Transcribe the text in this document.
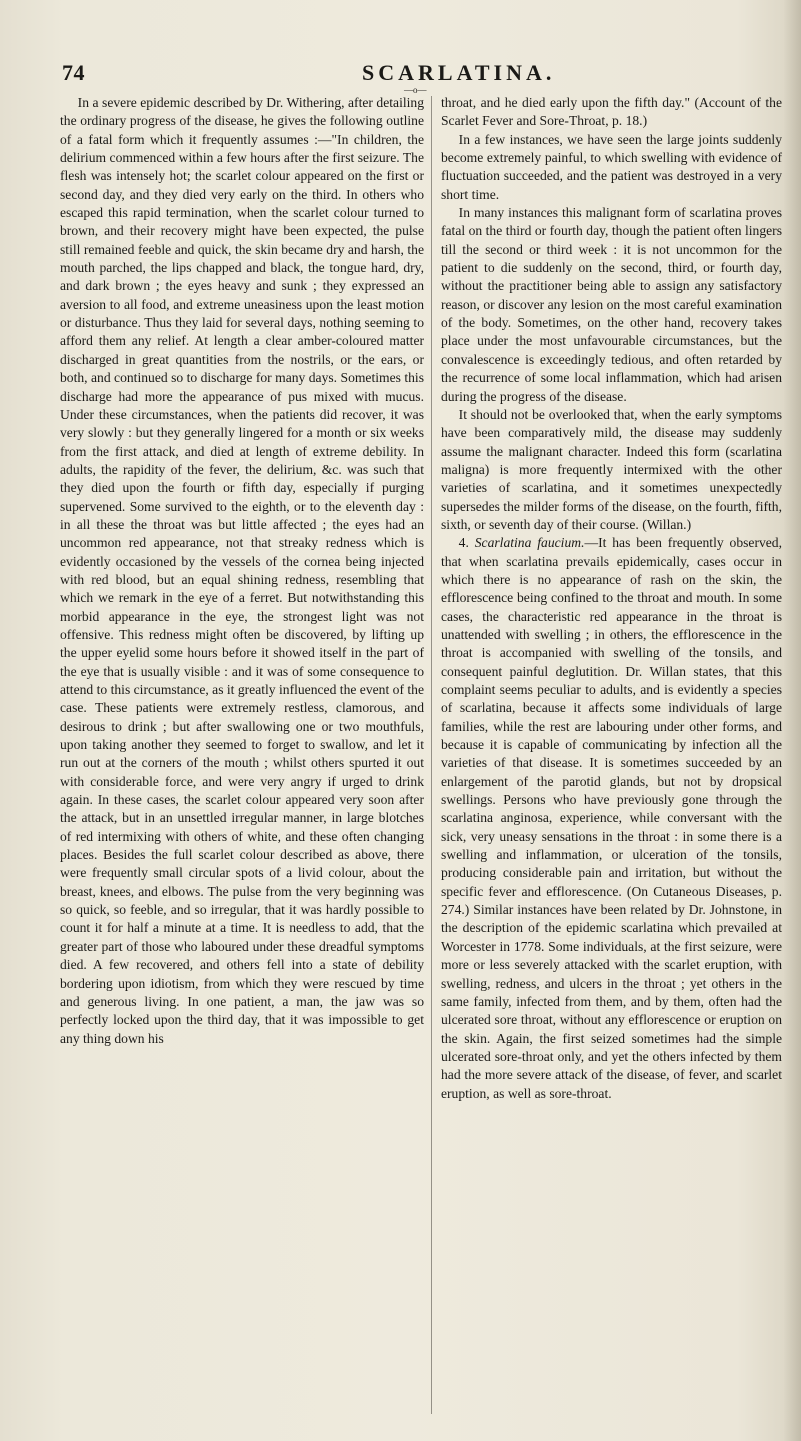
74	SCARLATINA.
—o—

In a severe epidemic described by Dr. Withering, after detailing the ordinary progress of the disease, he gives the following outline of a fatal form which it frequently assumes :—"In children, the delirium commenced within a few hours after the first seizure. The flesh was intensely hot; the scarlet colour appeared on the first or second day, and they died very early on the third. In others who escaped this rapid termination, when the scarlet colour turned to brown, and their recovery might have been expected, the pulse still remained feeble and quick, the skin became dry and harsh, the mouth parched, the lips chapped and black, the tongue hard, dry, and dark brown ; the eyes heavy and sunk ; they expressed an aversion to all food, and extreme uneasiness upon the least motion or disturbance. Thus they laid for several days, nothing seeming to afford them any relief. At length a clear amber-coloured matter discharged in great quantities from the nostrils, or the ears, or both, and continued so to discharge for many days. Sometimes this discharge had more the appearance of pus mixed with mucus. Under these circumstances, when the patients did recover, it was very slowly : but they generally lingered for a month or six weeks from the first attack, and died at length of extreme debility. In adults, the rapidity of the fever, the delirium, &c. was such that they died upon the fourth or fifth day, especially if purging supervened. Some survived to the eighth, or to the eleventh day : in all these the throat was but little affected ; the eyes had an uncommon red appearance, not that streaky redness which is evidently occasioned by the vessels of the cornea being injected with red blood, but an equal shining redness, resembling that which we remark in the eye of a ferret. But notwithstanding this morbid appearance in the eye, the strongest light was not offensive. This redness might often be discovered, by lifting up the upper eyelid some hours before it showed itself in the part of the eye that is usually visible : and it was of some consequence to attend to this circumstance, as it greatly influenced the event of the case. These patients were extremely restless, clamorous, and desirous to drink ; but after swallowing one or two mouthfuls, upon taking another they seemed to forget to swallow, and let it run out at the corners of the mouth ; whilst others spurted it out with considerable force, and were very angry if urged to drink again. In these cases, the scarlet colour appeared very soon after the attack, but in an unsettled irregular manner, in large blotches of red intermixing with others of white, and these often changing places. Besides the full scarlet colour described as above, there were frequently small circular spots of a livid colour, about the breast, knees, and elbows. The pulse from the very beginning was so quick, so feeble, and so irregular, that it was hardly possible to count it for half a minute at a time. It is needless to add, that the greater part of those who laboured under these dreadful symptoms died. A few recovered, and others fell into a state of debility bordering upon idiotism, from which they were rescued by time and generous living. In one patient, a man, the jaw was so perfectly locked upon the third day, that it was impossible to get any thing down his

throat, and he died early upon the fifth day." (Account of the Scarlet Fever and Sore-Throat, p. 18.)

In a few instances, we have seen the large joints suddenly become extremely painful, to which swelling with evidence of fluctuation succeeded, and the patient was destroyed in a very short time.

In many instances this malignant form of scarlatina proves fatal on the third or fourth day, though the patient often lingers till the second or third week : it is not uncommon for the patient to die suddenly on the second, third, or fourth day, without the practitioner being able to assign any satisfactory reason, or discover any lesion on the most careful examination of the body. Sometimes, on the other hand, recovery takes place under the most unfavourable circumstances, but the convalescence is exceedingly tedious, and often retarded by the recurrence of some local inflammation, which had arisen during the progress of the disease.

It should not be overlooked that, when the early symptoms have been comparatively mild, the disease may suddenly assume the malignant character. Indeed this form (scarlatina maligna) is more frequently intermixed with the other varieties of scarlatina, and it sometimes unexpectedly supersedes the milder forms of the disease, on the fourth, fifth, sixth, or seventh day of their course. (Willan.)

4. Scarlatina faucium.—It has been frequently observed, that when scarlatina prevails epidemically, cases occur in which there is no appearance of rash on the skin, the efflorescence being confined to the throat and mouth. In some cases, the characteristic red appearance in the throat is unattended with swelling ; in others, the efflorescence in the throat is accompanied with swelling of the tonsils, and consequent painful deglutition. Dr. Willan states, that this complaint seems peculiar to adults, and is evidently a species of scarlatina, because it affects some individuals of large families, while the rest are labouring under other forms, and because it is capable of communicating by infection all the varieties of that disease. It is sometimes succeeded by an enlargement of the parotid glands, but not by dropsical swellings. Persons who have previously gone through the scarlatina anginosa, experience, while conversant with the sick, very uneasy sensations in the throat : in some there is a swelling and inflammation, or ulceration of the tonsils, producing considerable pain and irritation, but without the specific fever and efflorescence. (On Cutaneous Diseases, p. 274.) Similar instances have been related by Dr. Johnstone, in the description of the epidemic scarlatina which prevailed at Worcester in 1778. Some individuals, at the first seizure, were more or less severely attacked with the scarlet eruption, with swelling, redness, and ulcers in the throat ; yet others in the same family, infected from them, and by them, often had the ulcerated sore throat, without any efflorescence or eruption on the skin. Again, the first seized sometimes had the simple ulcerated sore-throat only, and yet the others infected by them had the more severe attack of the disease, of fever, and scarlet eruption, as well as sore-throat.
